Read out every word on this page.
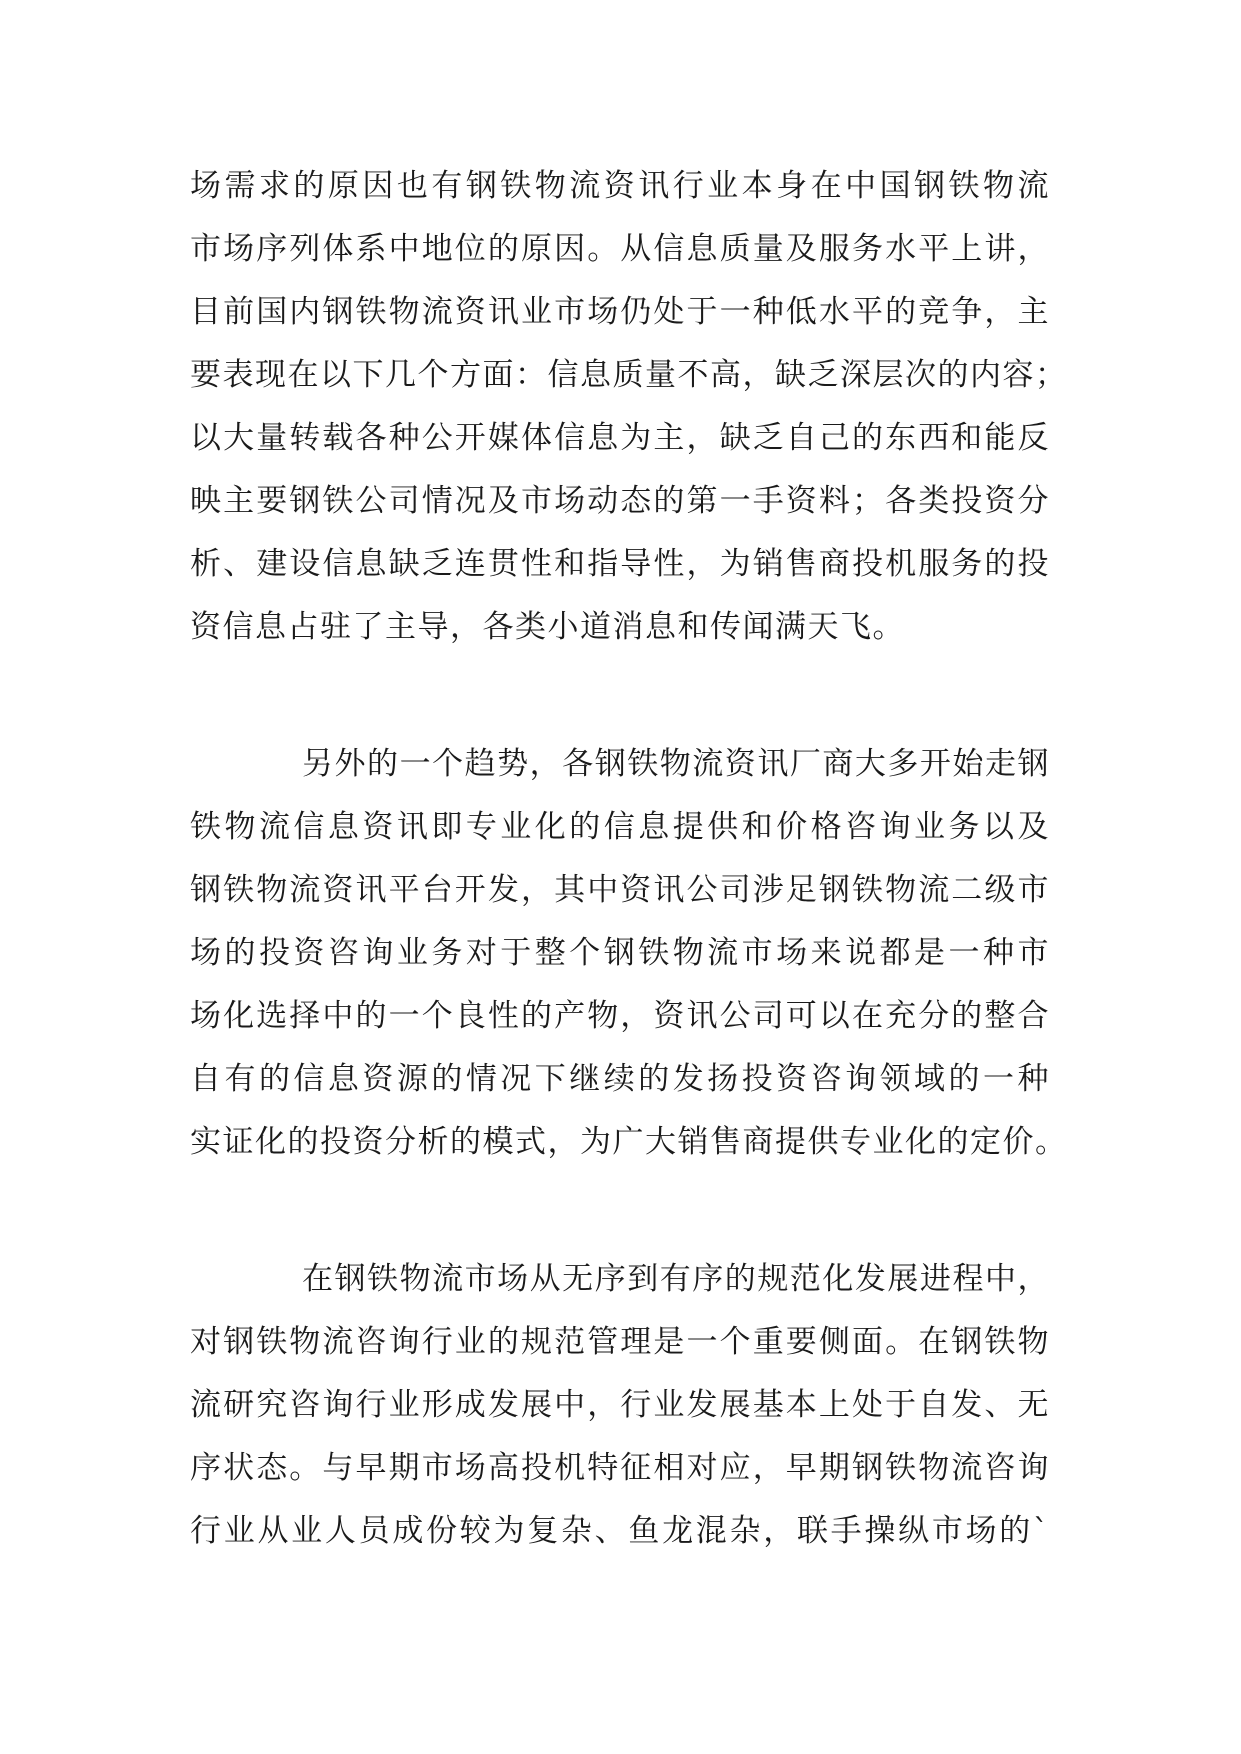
场需求的原因也有钢铁物流资讯行业本身在中国钢铁物流
市场序列体系中地位的原因。从信息质量及服务水平上讲，
目前国内钢铁物流资讯业市场仍处于一种低水平的竞争，主
要表现在以下几个方面：信息质量不高，缺乏深层次的内容；
以大量转载各种公开媒体信息为主，缺乏自己的东西和能反
映主要钢铁公司情况及市场动态的第一手资料；各类投资分
析、建设信息缺乏连贯性和指导性，为销售商投机服务的投
资信息占驻了主导，各类小道消息和传闻满天飞。
另外的一个趋势，各钢铁物流资讯厂商大多开始走钢
铁物流信息资讯即专业化的信息提供和价格咨询业务以及
钢铁物流资讯平台开发，其中资讯公司涉足钢铁物流二级市
场的投资咨询业务对于整个钢铁物流市场来说都是一种市
场化选择中的一个良性的产物，资讯公司可以在充分的整合
自有的信息资源的情况下继续的发扬投资咨询领域的一种
实证化的投资分析的模式，为广大销售商提供专业化的定价。
在钢铁物流市场从无序到有序的规范化发展进程中，
对钢铁物流咨询行业的规范管理是一个重要侧面。在钢铁物
流研究咨询行业形成发展中，行业发展基本上处于自发、无
序状态。与早期市场高投机特征相对应，早期钢铁物流咨询
行业从业人员成份较为复杂、鱼龙混杂，联手操纵市场的`
